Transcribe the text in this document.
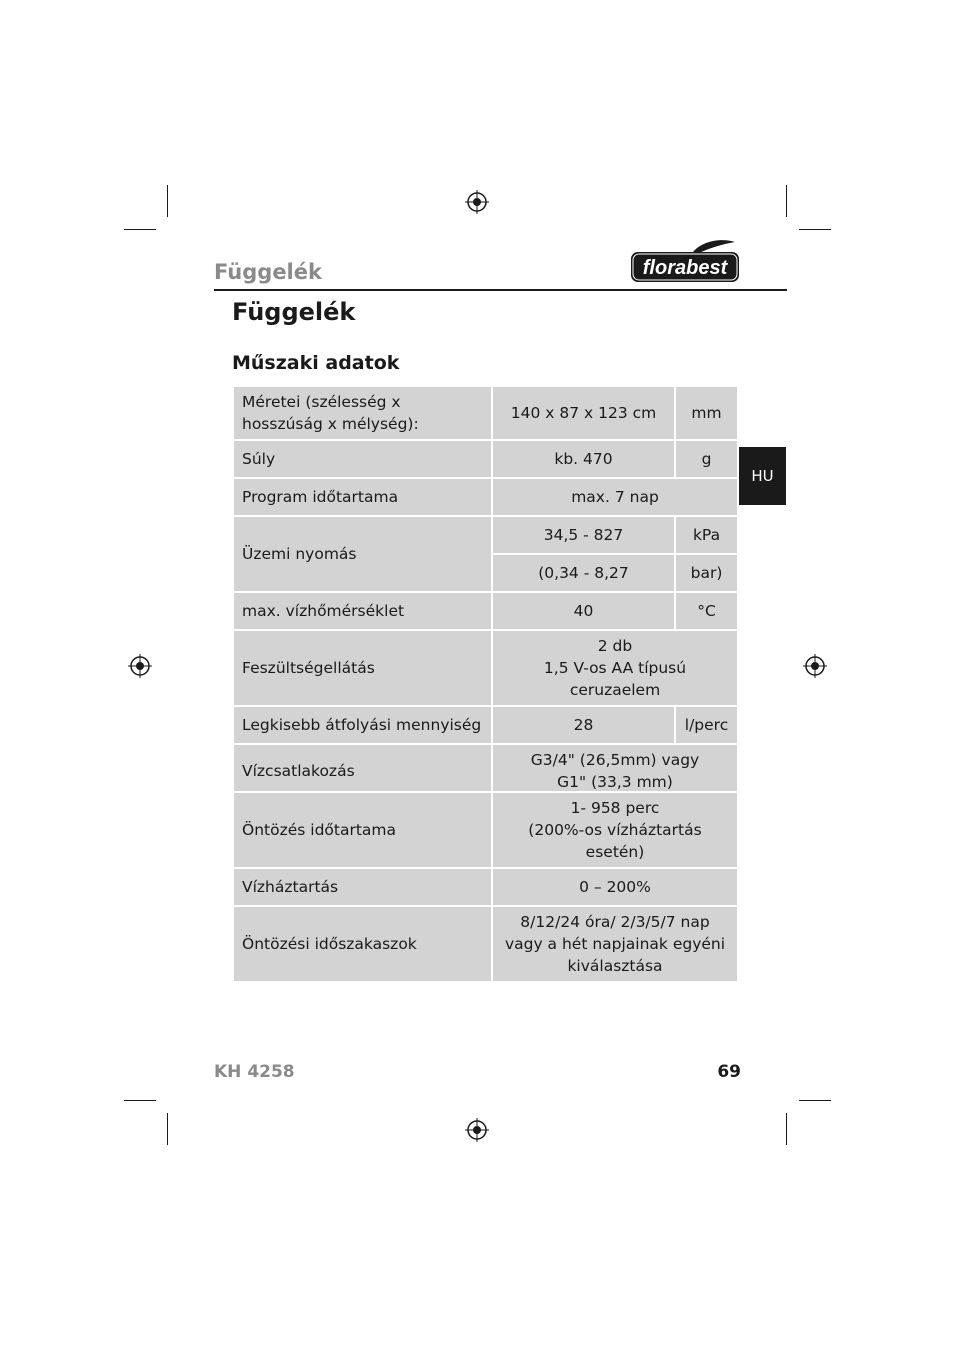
Függelék	florabest
Függelék
Műszaki adatok
HU
Méretei (szélesség x hosszúság x mélység):	140 x 87 x 123 cm	mm
Súly	kb. 470	g
Program időtartama	max. 7 nap	
Üzemi nyomás	34,5 - 827	kPa
	(0,34 - 8,27	bar)
max. vízhőmérséklet	40	°C
Feszültségellátás	2 db
1,5 V-os AA típusú ceruzaelem	

Legkisebb átfolyási mennyiség	28	l/perc
Vízcsatlakozás	G3/4" (26,5mm) vagy
G1" (33,3 mm)	
Öntözés időtartama	1- 958 perc
(200%-os vízháztartás esetén)

Vízháztartás	0 – 200%
Öntözési időszakaszok	8/12/24 óra/ 2/3/5/7 nap
vagy a hét napjainak egyéni
kiválasztása
KH 4258	69
